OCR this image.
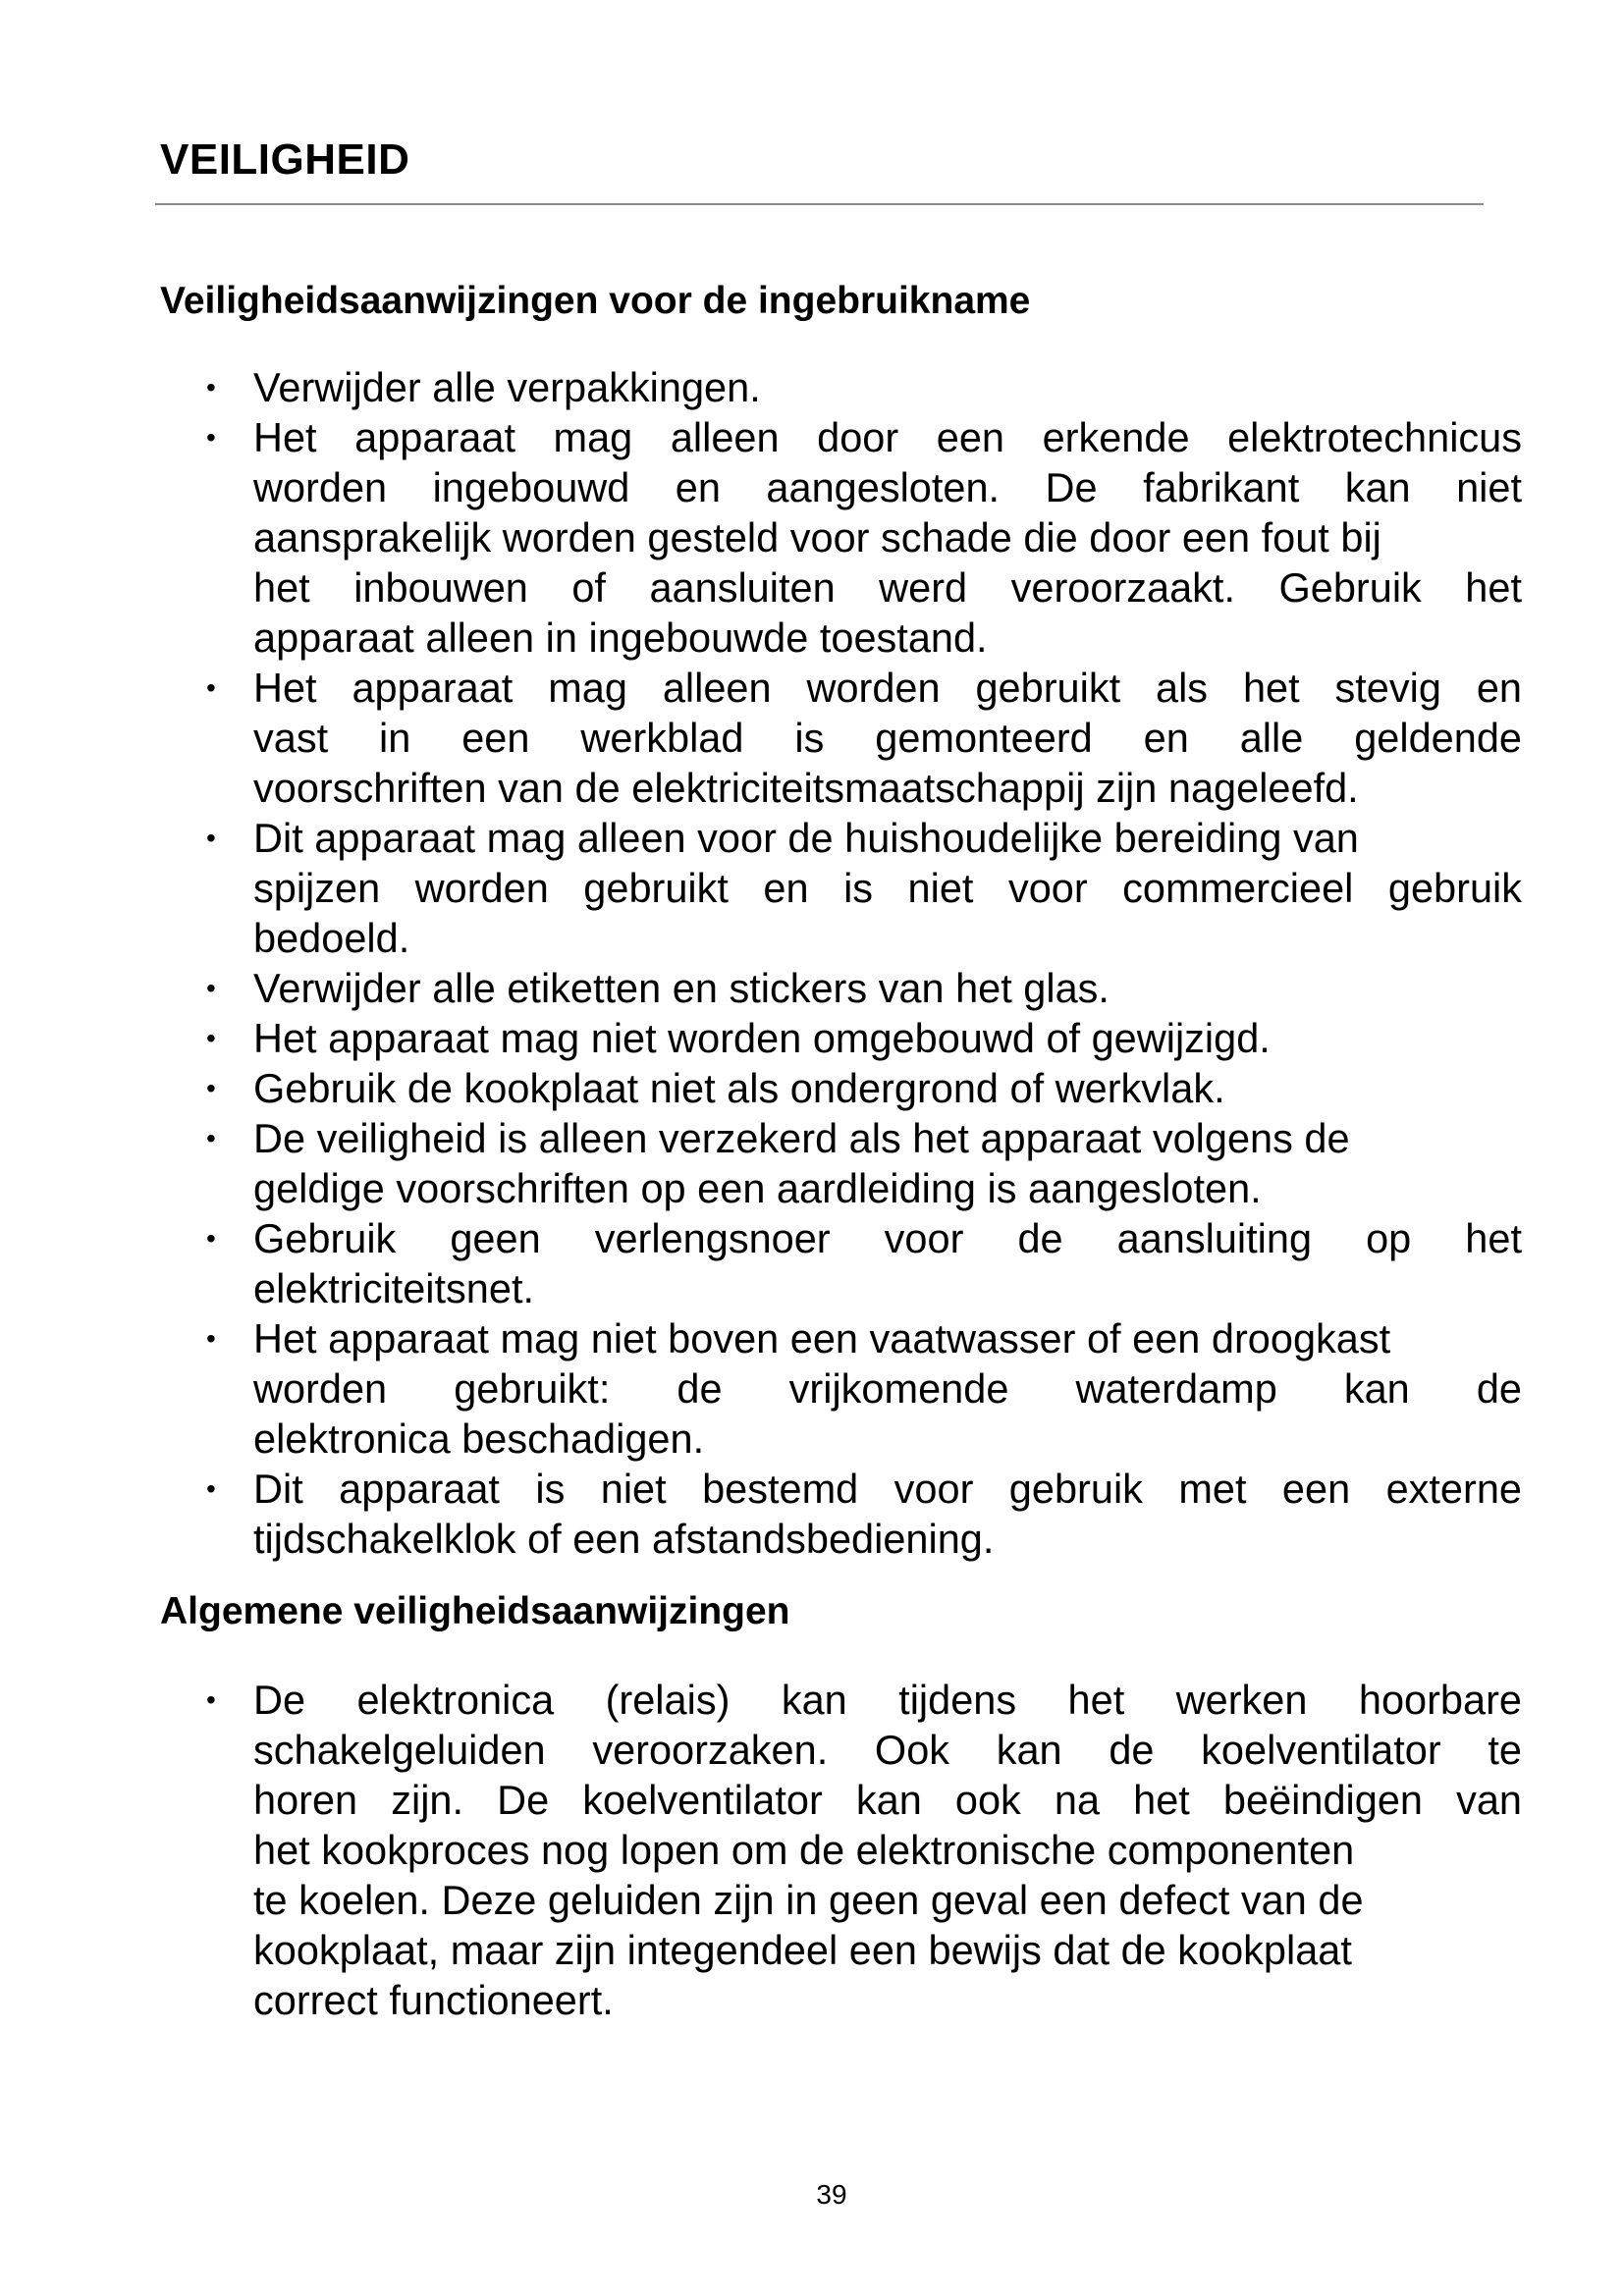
VEILIGHEID
Veiligheidsaanwijzingen voor de ingebruikname
• Verwijder alle verpakkingen.
• Het apparaat mag alleen door een erkende elektrotechnicus
worden ingebouwd en aangesloten. De fabrikant kan niet
aansprakelijk worden gesteld voor schade die door een fout bij
het inbouwen of aansluiten werd veroorzaakt. Gebruik het
apparaat alleen in ingebouwde toestand.
• Het apparaat mag alleen worden gebruikt als het stevig en
vast in een werkblad is gemonteerd en alle geldende
voorschriften van de elektriciteitsmaatschappij zijn nageleefd.
• Dit apparaat mag alleen voor de huishoudelijke bereiding van
spijzen worden gebruikt en is niet voor commercieel gebruik
bedoeld.
• Verwijder alle etiketten en stickers van het glas.
• Het apparaat mag niet worden omgebouwd of gewijzigd.
• Gebruik de kookplaat niet als ondergrond of werkvlak.
• De veiligheid is alleen verzekerd als het apparaat volgens de
geldige voorschriften op een aardleiding is aangesloten.
• Gebruik geen verlengsnoer voor de aansluiting op het
elektriciteitsnet.
• Het apparaat mag niet boven een vaatwasser of een droogkast
worden gebruikt: de vrijkomende waterdamp kan de
elektronica beschadigen.
• Dit apparaat is niet bestemd voor gebruik met een externe
tijdschakelklok of een afstandsbediening.
Algemene veiligheidsaanwijzingen
• De elektronica (relais) kan tijdens het werken hoorbare
schakelgeluiden veroorzaken. Ook kan de koelventilator te
horen zijn. De koelventilator kan ook na het beëindigen van
het kookproces nog lopen om de elektronische componenten
te koelen. Deze geluiden zijn in geen geval een defect van de
kookplaat, maar zijn integendeel een bewijs dat de kookplaat
correct functioneert.
39
